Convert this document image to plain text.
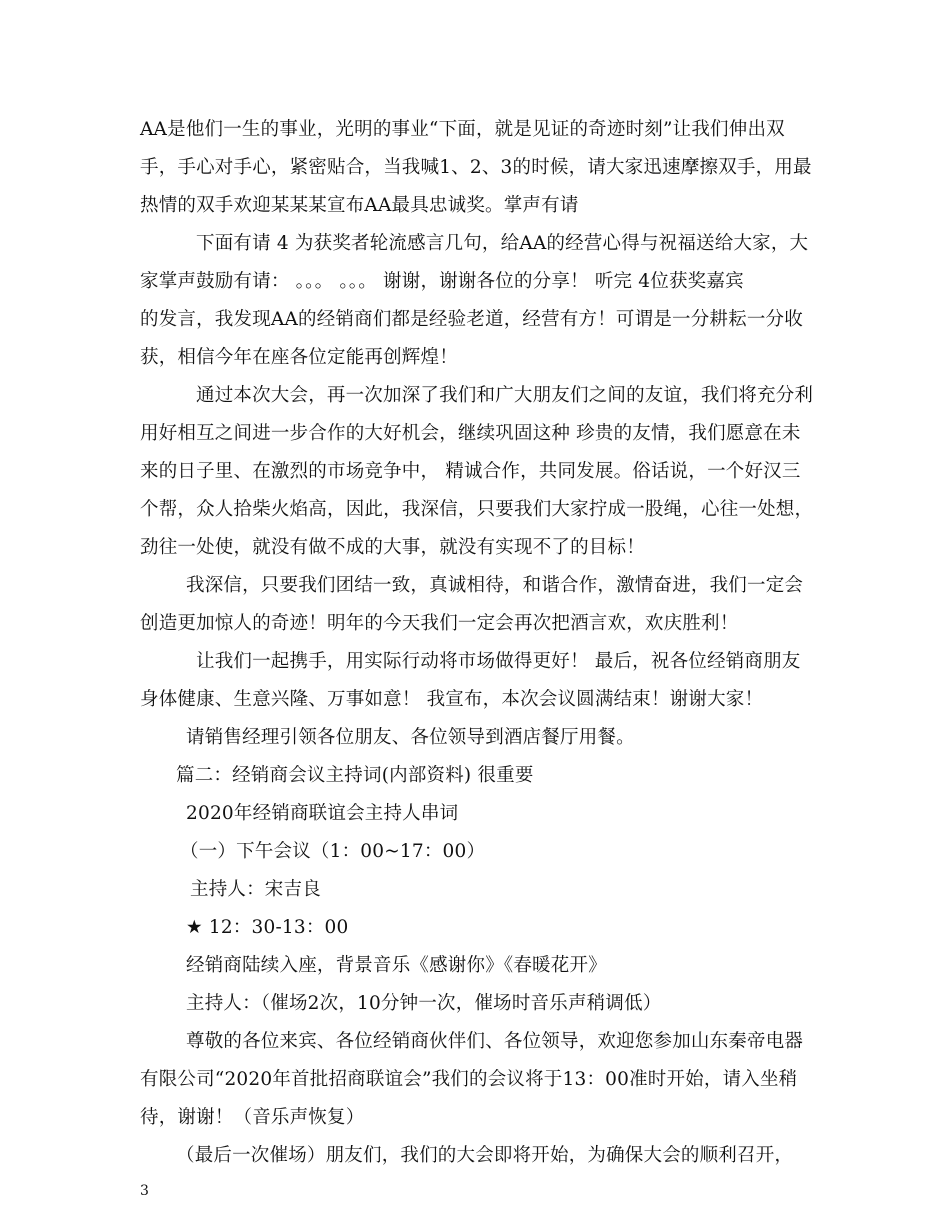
AA是他们一生的事业，光明的事业“下面，就是见证的奇迹时刻”让我们伸出双
手，手心对手心，紧密贴合，当我喊1、2、3的时候，请大家迅速摩擦双手，用最
热情的双手欢迎某某某宣布AA最具忠诚奖。掌声有请
下面有请 4 为获奖者轮流感言几句，给AA的经营心得与祝福送给大家，大
家掌声鼓励有请： 。。。 。。。 谢谢，谢谢各位的分享！ 听完 4位获奖嘉宾
的发言，我发现AA的经销商们都是经验老道，经营有方！可谓是一分耕耘一分收
获，相信今年在座各位定能再创辉煌！
通过本次大会，再一次加深了我们和广大朋友们之间的友谊，我们将充分利
用好相互之间进一步合作的大好机会，继续巩固这种 珍贵的友情，我们愿意在未
来的日子里、在激烈的市场竞争中， 精诚合作，共同发展。俗话说，一个好汉三
个帮，众人拾柴火焰高，因此，我深信，只要我们大家拧成一股绳，心往一处想，
劲往一处使，就没有做不成的大事，就没有实现不了的目标！
我深信，只要我们团结一致，真诚相待，和谐合作，激情奋进，我们一定会
创造更加惊人的奇迹！明年的今天我们一定会再次把酒言欢，欢庆胜利！
让我们一起携手，用实际行动将市场做得更好！ 最后，祝各位经销商朋友
身体健康、生意兴隆、万事如意！ 我宣布，本次会议圆满结束！谢谢大家！
请销售经理引领各位朋友、各位领导到酒店餐厅用餐。
篇二：经销商会议主持词(内部资料) 很重要
2020年经销商联谊会主持人串词
（一）下午会议（1：00~17：00）
主持人：宋吉良
★ 12：30-13：00
经销商陆续入座，背景音乐《感谢你》《春暖花开》
主持人：（催场2次，10分钟一次，催场时音乐声稍调低）
尊敬的各位来宾、各位经销商伙伴们、各位领导，欢迎您参加山东秦帝电器
有限公司“2020年首批招商联谊会”我们的会议将于13：00准时开始，请入坐稍
待，谢谢！（音乐声恢复）
（最后一次催场）朋友们，我们的大会即将开始，为确保大会的顺利召开，
3
